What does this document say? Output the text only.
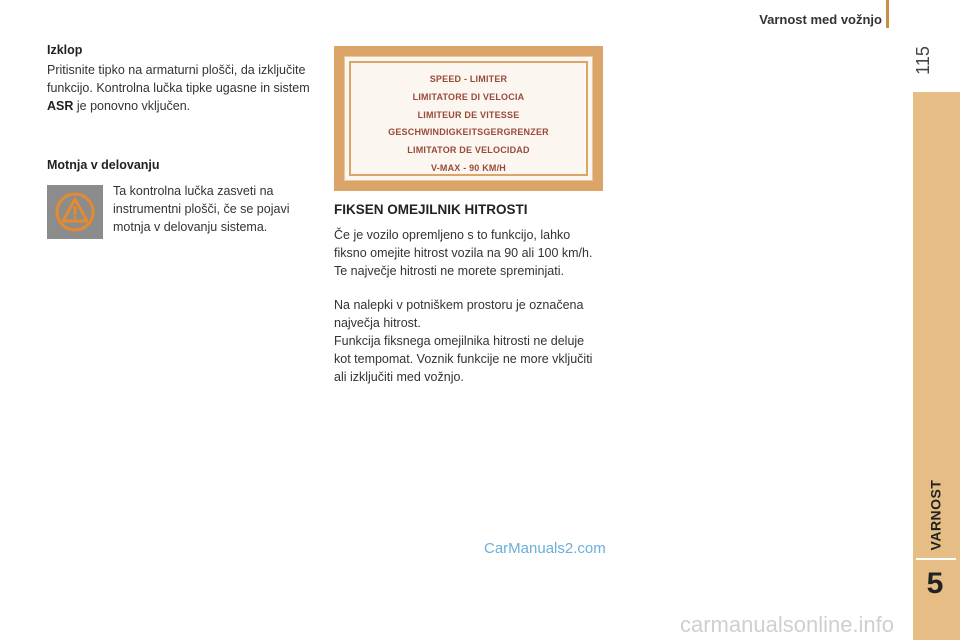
Varnost med vožnjo
115
VARNOST
5
Izklop
Pritisnite tipko na armaturni plošči, da izključite funkcijo. Kontrolna lučka tipke ugasne in sistem ASR je ponovno vključen.
Motnja v delovanju
Ta kontrolna lučka zasveti na instrumentni plošči, če se pojavi motnja v delovanju sistema.
SPEED - LIMITER
LIMITATORE DI VELOCIA
LIMITEUR DE VITESSE
GESCHWINDIGKEITSGERGRENZER
LIMITATOR DE VELOCIDAD
V-MAX - 90 KM/H
FIKSEN OMEJILNIK HITROSTI
Če je vozilo opremljeno s to funkcijo, lahko fiksno omejite hitrost vozila na 90 ali 100 km/h. Te največje hitrosti ne morete spreminjati.
Na nalepki v potniškem prostoru je označena največja hitrost.
Funkcija fiksnega omejilnika hitrosti ne deluje kot tempomat. Voznik funkcije ne more vključiti ali izključiti med vožnjo.
CarManuals2.com
carmanualsonline.info
